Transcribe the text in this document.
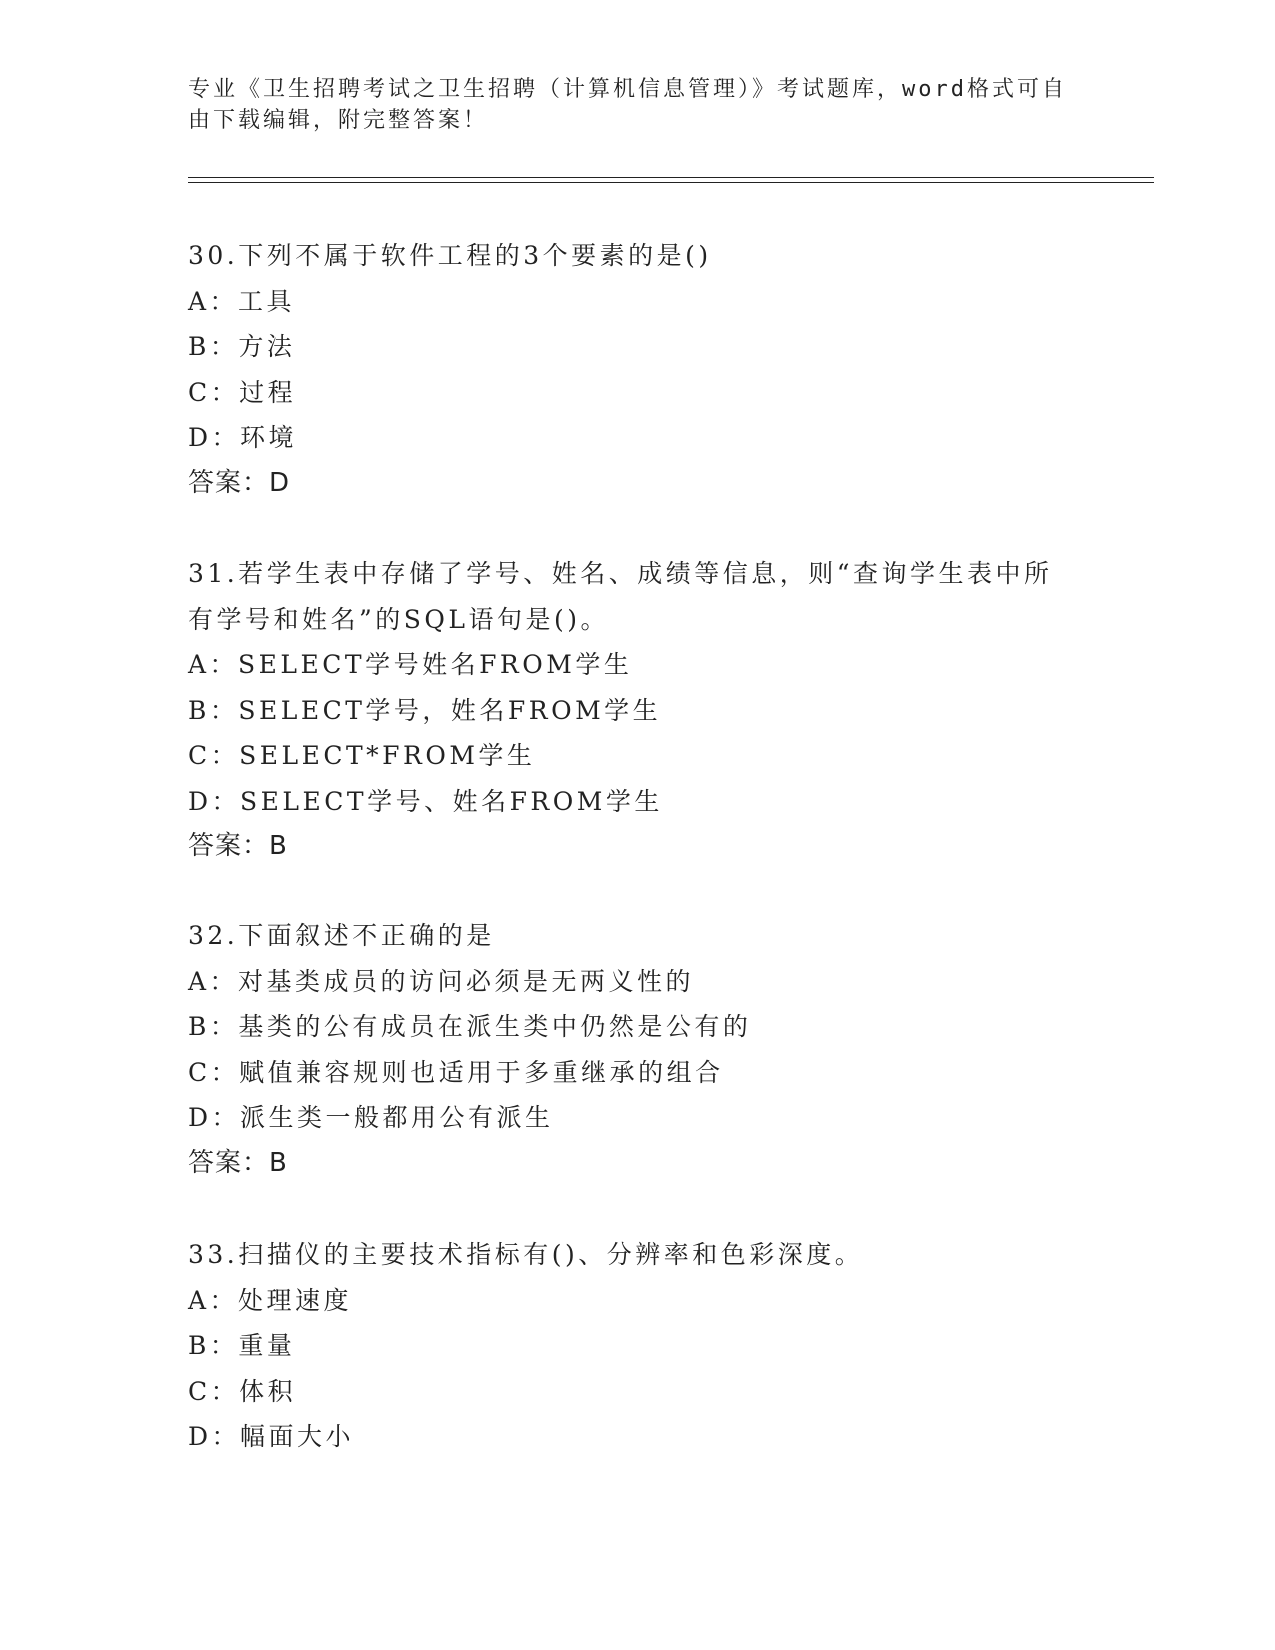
专业《卫生招聘考试之卫生招聘（计算机信息管理）》考试题库，word格式可自由下载编辑，附完整答案！
30.下列不属于软件工程的3个要素的是()
A：工具
B：方法
C：过程
D：环境
答案：D
31.若学生表中存储了学号、姓名、成绩等信息，则“查询学生表中所有学号和姓名”的SQL语句是()。
A：SELECT学号姓名FROM学生
B：SELECT学号，姓名FROM学生
C：SELECT*FROM学生
D：SELECT学号、姓名FROM学生
答案：B
32.下面叙述不正确的是
A：对基类成员的访问必须是无两义性的
B：基类的公有成员在派生类中仍然是公有的
C：赋值兼容规则也适用于多重继承的组合
D：派生类一般都用公有派生
答案：B
33.扫描仪的主要技术指标有()、分辨率和色彩深度。
A：处理速度
B：重量
C：体积
D：幅面大小
